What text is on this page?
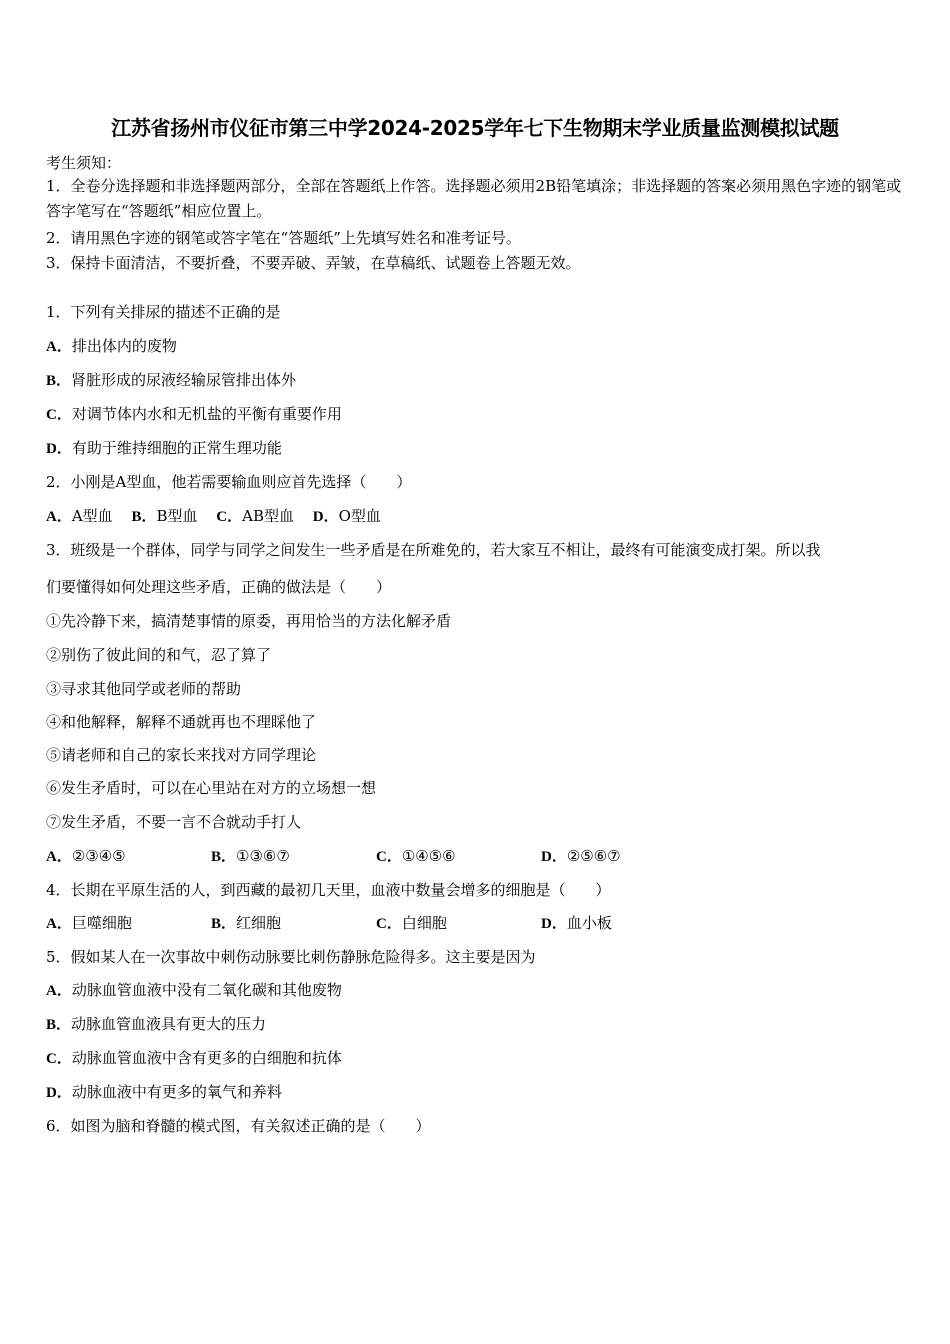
江苏省扬州市仪征市第三中学2024-2025学年七下生物期末学业质量监测模拟试题
考生须知：
1．全卷分选择题和非选择题两部分，全部在答题纸上作答。选择题必须用2B铅笔填涂；非选择题的答案必须用黑色字迹的钢笔或答字笔写在“答题纸”相应位置上。
2．请用黑色字迹的钢笔或答字笔在“答题纸”上先填写姓名和准考证号。
3．保持卡面清洁，不要折叠，不要弄破、弄皱，在草稿纸、试题卷上答题无效。
1．下列有关排尿的描述不正确的是
A．排出体内的废物
B．肾脏形成的尿液经输尿管排出体外
C．对调节体内水和无机盐的平衡有重要作用
D．有助于维持细胞的正常生理功能
2．小刚是A型血，他若需要输血则应首先选择（　　）
A．A型血 B．B型血 C．AB型血 D．O型血
3．班级是一个群体，同学与同学之间发生一些矛盾是在所难免的，若大家互不相让，最终有可能演变成打架。所以我
们要懂得如何处理这些矛盾，正确的做法是（　　）
①先冷静下来，搞清楚事情的原委，再用恰当的方法化解矛盾
②别伤了彼此间的和气，忍了算了
③寻求其他同学或老师的帮助
④和他解释，解释不通就再也不理睬他了
⑤请老师和自己的家长来找对方同学理论
⑥发生矛盾时，可以在心里站在对方的立场想一想
⑦发生矛盾，不要一言不合就动手打人
A．②③④⑤	B．①③⑥⑦	C．①④⑤⑥	D．②⑤⑥⑦
4．长期在平原生活的人，到西藏的最初几天里，血液中数量会增多的细胞是（　　）
A．巨噬细胞	B．红细胞	C．白细胞	D．血小板
5．假如某人在一次事故中刺伤动脉要比刺伤静脉危险得多。这主要是因为
A．动脉血管血液中没有二氧化碳和其他废物
B．动脉血管血液具有更大的压力
C．动脉血管血液中含有更多的白细胞和抗体
D．动脉血液中有更多的氧气和养料
6．如图为脑和脊髓的模式图，有关叙述正确的是（　　）
